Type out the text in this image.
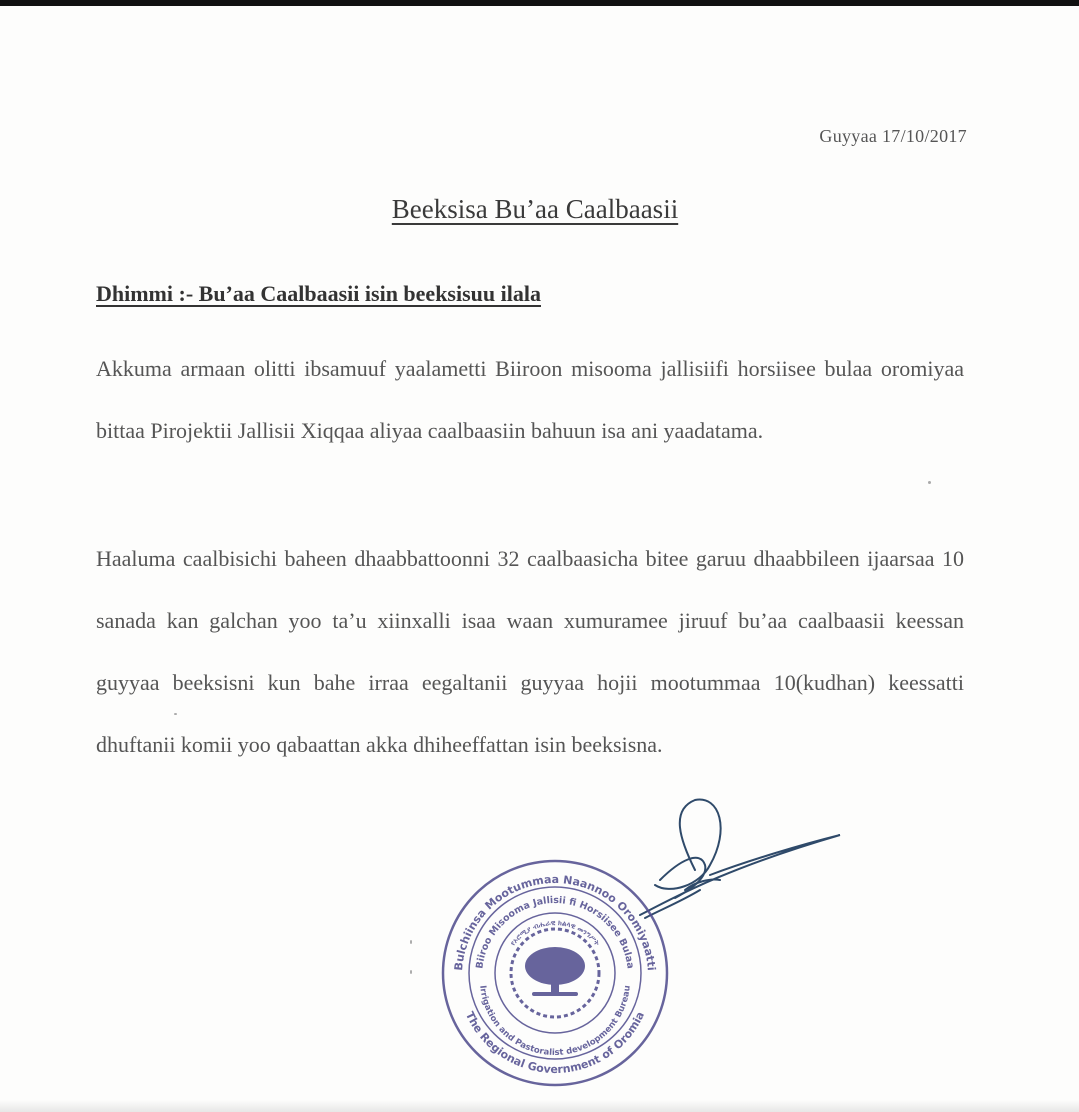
Guyyaa 17/10/2017
Beeksisa Bu’aa Caalbaasii
Dhimmi :- Bu’aa Caalbaasii isin beeksisuu ilala

Akkuma armaan olitti ibsamuuf yaalametti Biiroon misooma jallisiifi horsiisee bulaa oromiyaa bittaa Pirojektii Jallisii Xiqqaa aliyaa caalbaasiin bahuun isa ani yaadatama.

Haaluma caalbisichi baheen dhaabbattoonni 32 caalbaasicha bitee garuu dhaabbileen ijaarsaa 10 sanada kan galchan yoo ta’u xiinxalli isaa waan xumuramee jiruuf bu’aa caalbaasii keessan guyyaa beeksisni kun bahe irraa eegaltanii guyyaa hojii mootummaa 10(kudhan) keessatti dhuftanii komii yoo qabaattan akka dhiheeffattan isin beeksisna.

Bulchiinsa Mootummaa Naannoo Oromiyaatti
Biiroo Misooma Jallisii fi Horsiisee Bulaa
The Regional Government of Oromia
Irrigation and Pastoralist development Bureau
የኦሮሚያ ብሔራዊ ክልላዊ መንግሥት
